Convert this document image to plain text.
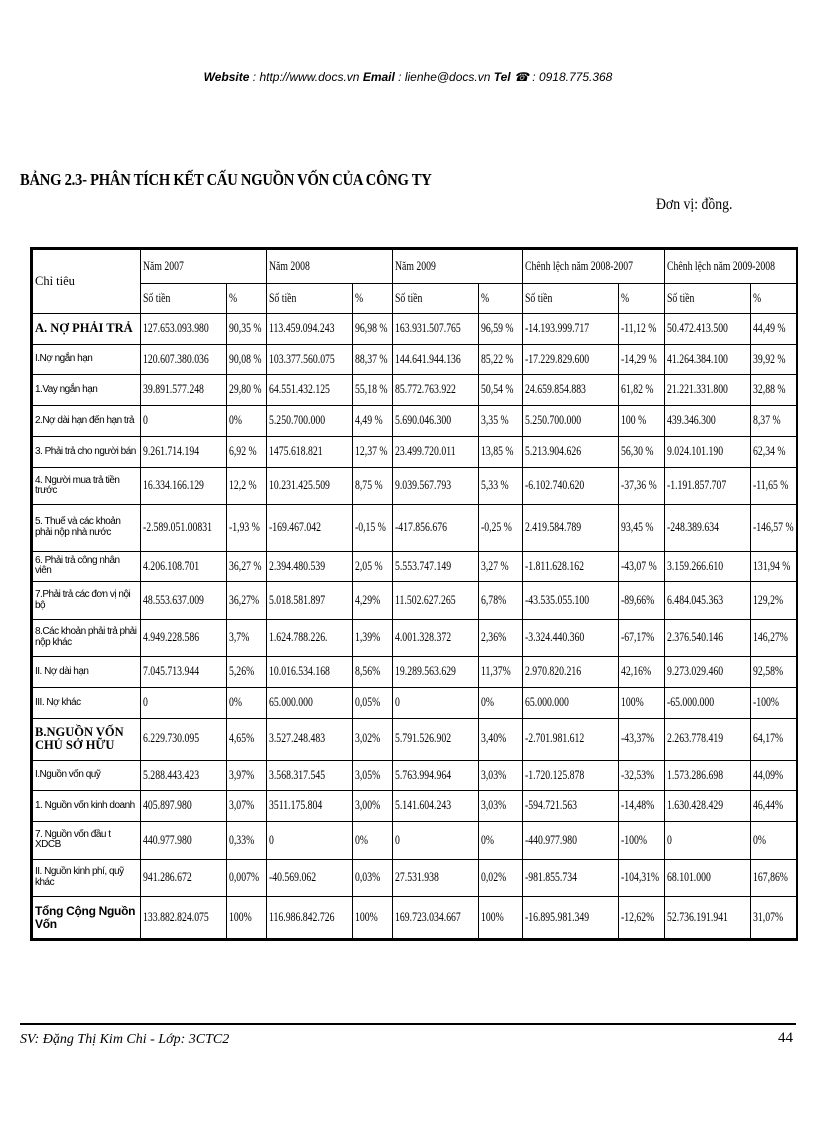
Website : http://www.docs.vn Email : lienhe@docs.vn Tel ☎ : 0918.775.368
BẢNG 2.3- PHÂN TÍCH KẾT CẤU NGUỒN VỐN CỦA CÔNG TY
Đơn vị: đồng.
Chỉ tiêu	Năm 2007		Năm 2008		Năm 2009		Chênh lệch năm 2008-2007		Chênh lệch năm 2009-2008	
	Số tiền	%	Số tiền	%	Số tiền	%	Số tiền	%	Số tiền	%
A. NỢ PHẢI TRẢ	127.653.093.980	90,35 %	113.459.094.243	96,98 %	163.931.507.765	96,59 %	-14.193.999.717	-11,12 %	50.472.413.500	44,49 %
I.Nợ ngắn hạn	120.607.380.036	90,08 %	103.377.560.075	88,37 %	144.641.944.136	85,22 %	-17.229.829.600	-14,29 %	41.264.384.100	39,92 %
1.Vay ngắn hạn	39.891.577.248	29,80 %	64.551.432.125	55,18 %	85.772.763.922	50,54 %	24.659.854.883	61,82 %	21.221.331.800	32,88 %
2.Nợ dài hạn đến hạn trả	0	0%	5.250.700.000	4,49 %	5.690.046.300	3,35 %	5.250.700.000	100 %	439.346.300	8,37 %
3. Phải trả cho người bán	9.261.714.194	6,92 %	1475.618.821	12,37 %	23.499.720.011	13,85 %	5.213.904.626	56,30 %	9.024.101.190	62,34 %
4. Người mua trả tiền trước	16.334.166.129	12,2 %	10.231.425.509	8,75 %	9.039.567.793	5,33 %	-6.102.740.620	-37,36 %	-1.191.857.707	-11,65 %
5. Thuế và các khoản phải nộp nhà nước	-2.589.051.00831	-1,93 %	-169.467.042	-0,15 %	-417.856.676	-0,25 %	2.419.584.789	93,45 %	-248.389.634	-146,57 %
6. Phải trả công nhân viên	4.206.108.701	36,27 %	2.394.480.539	2,05 %	5.553.747.149	3,27 %	-1.811.628.162	-43,07 %	3.159.266.610	131,94 %
7.Phải trả các đơn vị nội bộ	48.553.637.009	36,27%	5.018.581.897	4,29%	11.502.627.265	6,78%	-43.535.055.100	-89,66%	6.484.045.363	129,2%
8.Các khoản phải trả phải nộp khác	4.949.228.586	3,7%	1.624.788.226.	1,39%	4.001.328.372	2,36%	-3.324.440.360	-67,17%	2.376.540.146	146,27%
II. Nợ dài hạn	7.045.713.944	5,26%	10.016.534.168	8,56%	19.289.563.629	11,37%	2.970.820.216	42,16%	9.273.029.460	92,58%
III. Nợ khác	0	0%	65.000.000	0,05%	0	0%	65.000.000	100%	-65.000.000	-100%
B.NGUỒN VỐN CHỦ SỞ HỮU	6.229.730.095	4,65%	3.527.248.483	3,02%	5.791.526.902	3,40%	-2.701.981.612	-43,37%	2.263.778.419	64,17%
I.Nguồn vốn quỹ	5.288.443.423	3,97%	3.568.317.545	3,05%	5.763.994.964	3,03%	-1.720.125.878	-32,53%	1.573.286.698	44,09%
1. Nguồn vốn kinh doanh	405.897.980	3,07%	3511.175.804	3,00%	5.141.604.243	3,03%	-594.721.563	-14,48%	1.630.428.429	46,44%
7. Nguồn vốn đầu t XDCB	440.977.980	0,33%	0	0%	0	0%	-440.977.980	-100%	0	0%
II. Nguồn kinh phí, quỹ khác	941.286.672	0,007%	-40.569.062	0,03%	27.531.938	0,02%	-981.855.734	-104,31%	68.101.000	167,86%
Tổng Cộng Nguồn Vốn	133.882.824.075	100%	116.986.842.726	100%	169.723.034.667	100%	-16.895.981.349	-12,62%	52.736.191.941	31,07%
SV: Đặng Thị Kim Chi - Lớp: 3CTC2	44
